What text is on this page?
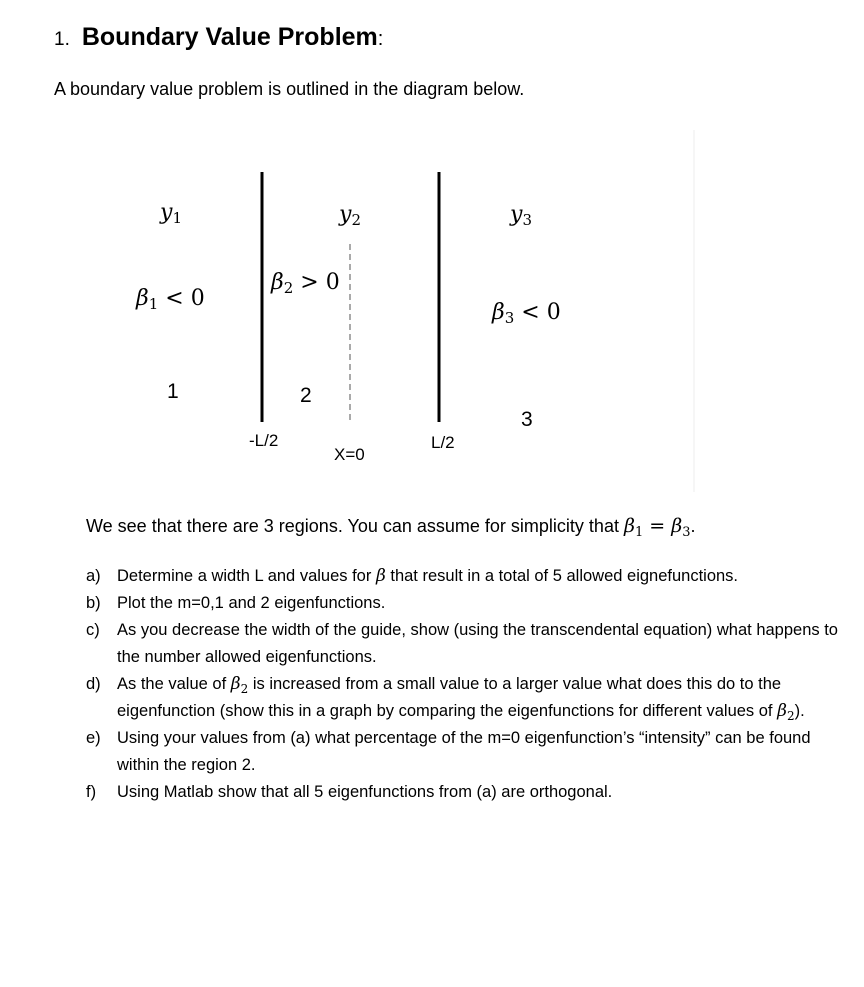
1. Boundary Value Problem:
A boundary value problem is outlined in the diagram below.
$y_1$	$y_2$	$y_3$
$\beta_1 < 0$
$\beta_2 > 0$
$\beta_3 < 0$
1	2
3
-L/2
X=0
L/2
We see that there are 3 regions. You can assume for simplicity that $\beta_1 = \beta_3$.
a) Determine a width L and values for β that result in a total of 5 allowed eignefunctions.
b) Plot the m=0,1 and 2 eigenfunctions.
c) As you decrease the width of the guide, show (using the transcendental equation) what happens to the number allowed eigenfunctions.
d) As the value of $\beta_2$ is increased from a small value to a larger value what does this do to the eigenfunction (show this in a graph by comparing the eigenfunctions for different values of $\beta_2$).
e) Using your values from (a) what percentage of the m=0 eigenfunction’s “intensity” can be found within the region 2.
f) Using Matlab show that all 5 eigenfunctions from (a) are orthogonal.
